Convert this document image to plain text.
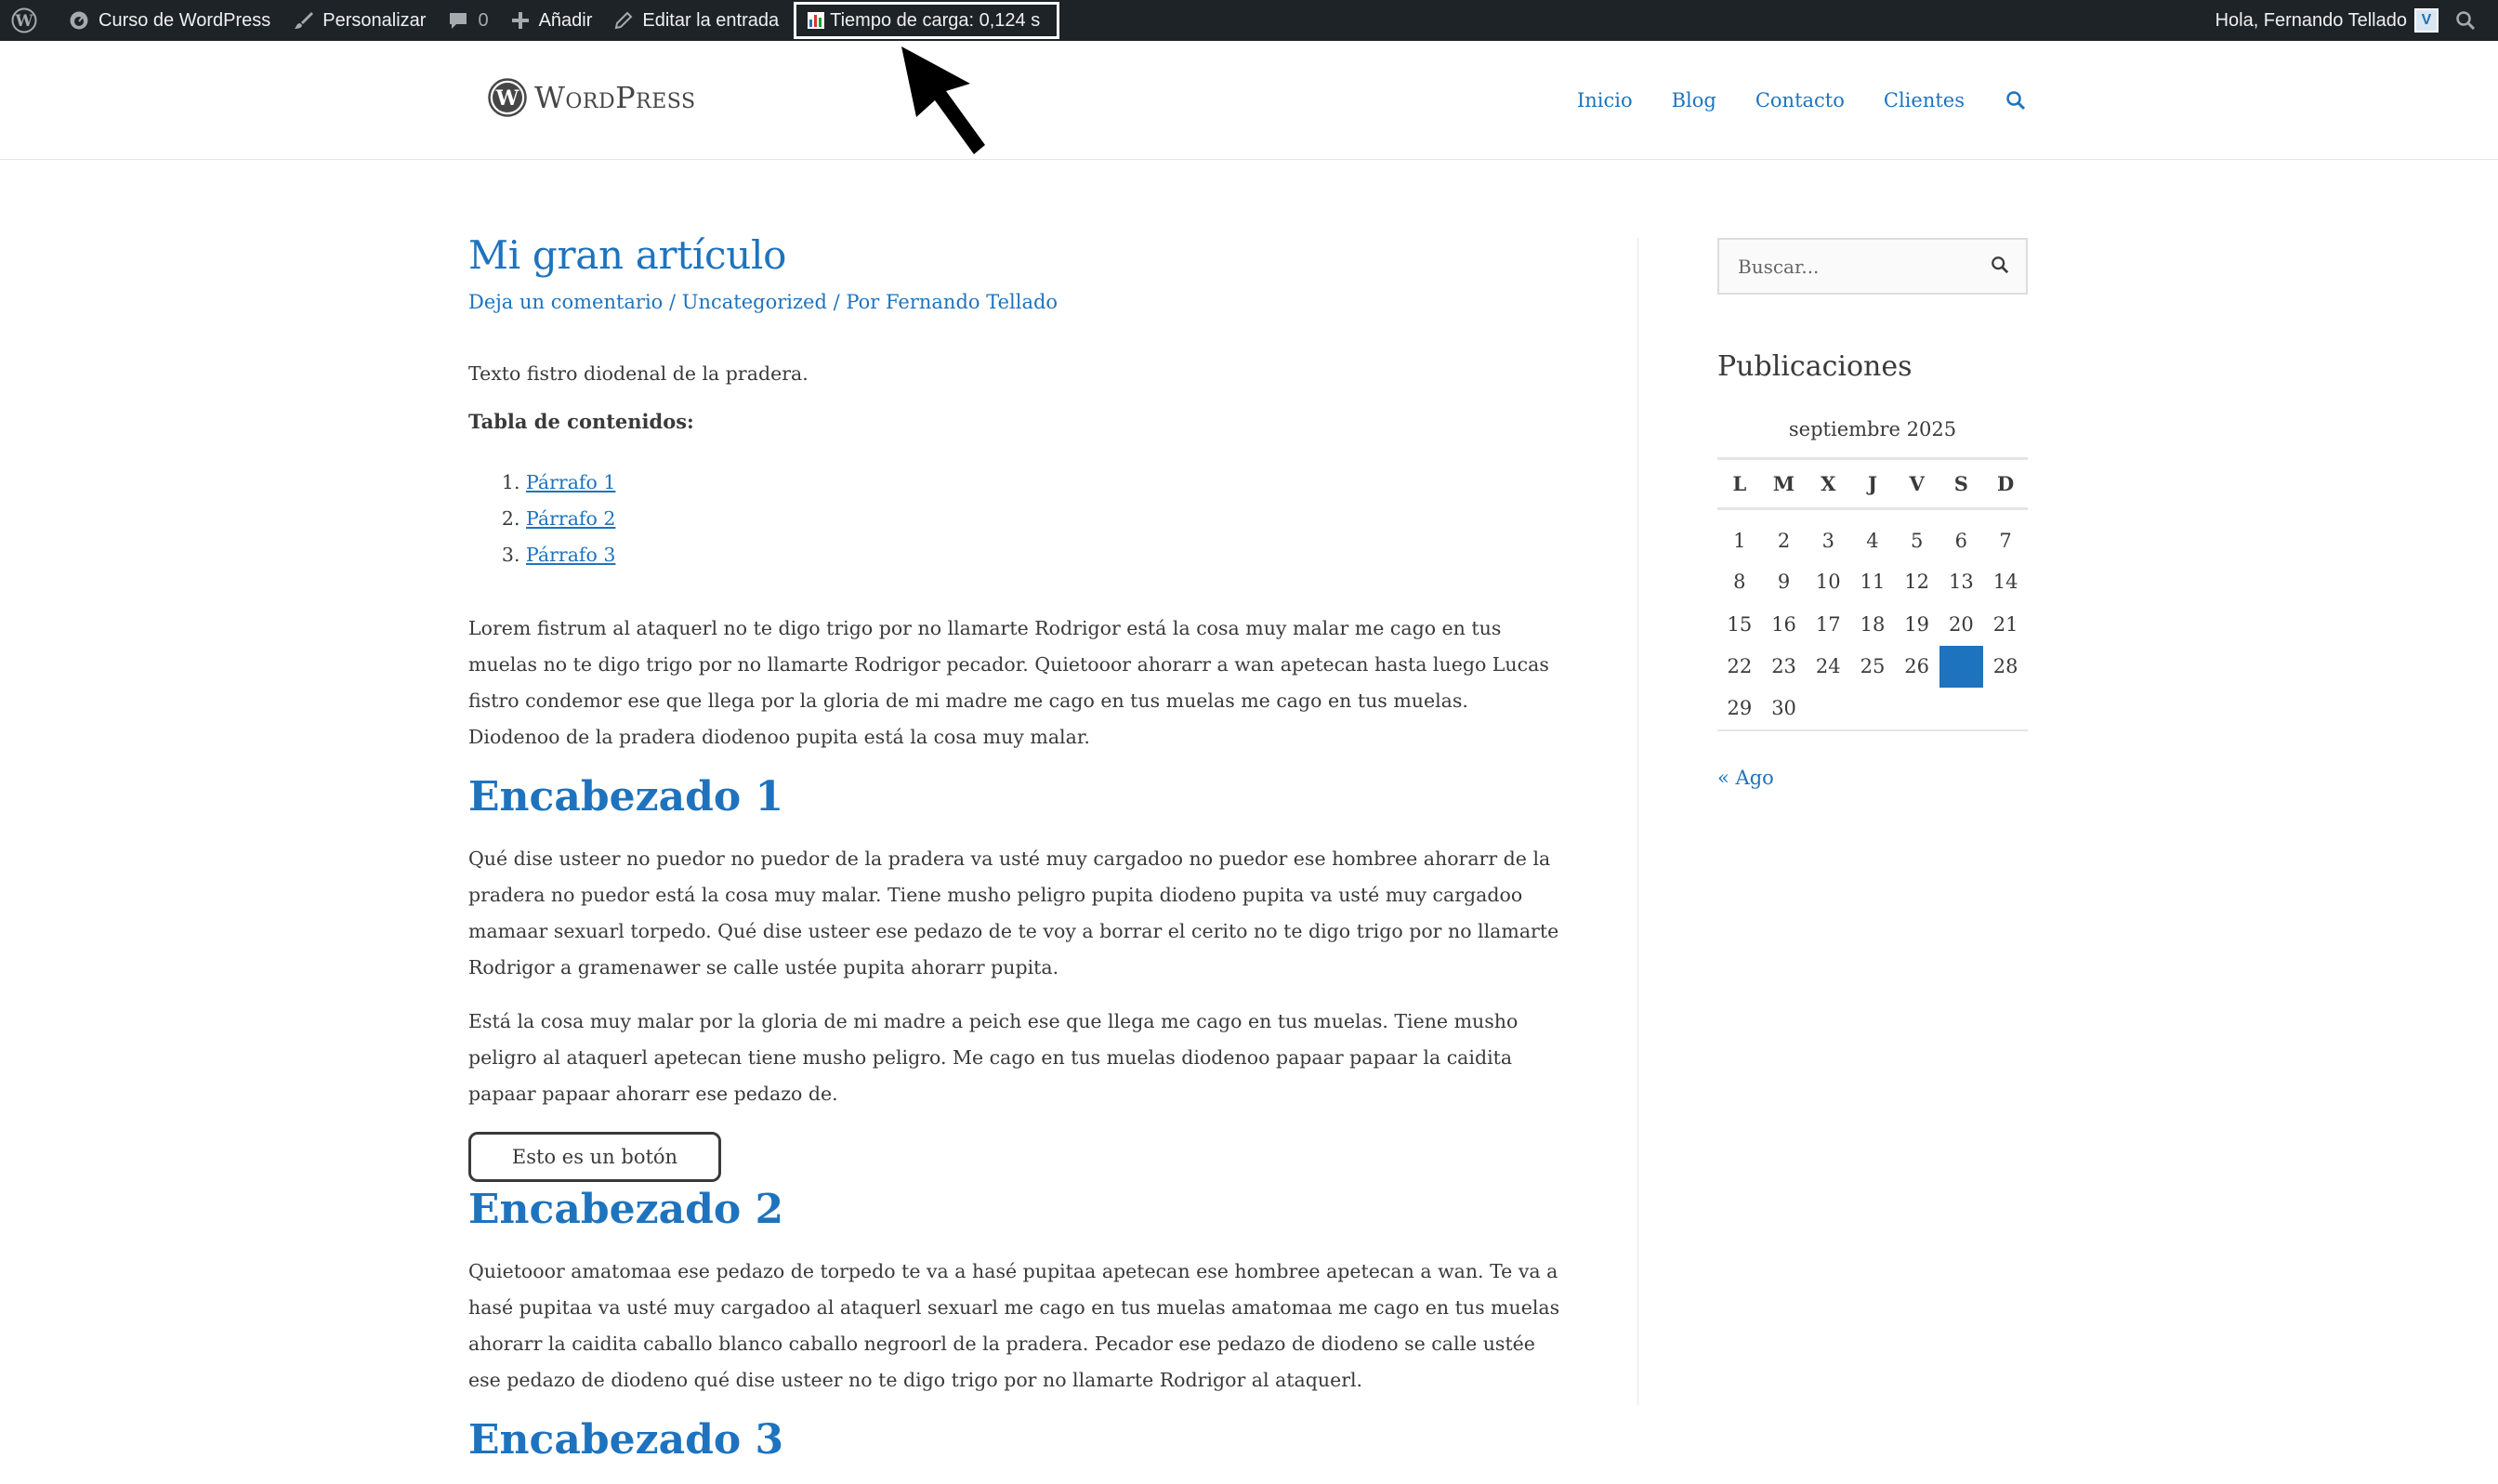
W	Curso de WordPress	Personalizar	0	Añadir	Editar la entrada	Tiempo de carga: 0,124 s	Hola, Fernando Tellado V
W WordPress	Inicio Blog Contacto Clientes
Mi gran artículo
Deja un comentario / Uncategorized / Por Fernando Tellado

Texto fistro diodenal de la pradera.

Tabla de contenidos:

1. Párrafo 1
2. Párrafo 2
3. Párrafo 3

Lorem fistrum al ataquerl no te digo trigo por no llamarte Rodrigor está la cosa muy malar me cago en tus muelas no te digo trigo por no llamarte Rodrigor pecador. Quietooor ahorarr a wan apetecan hasta luego Lucas fistro condemor ese que llega por la gloria de mi madre me cago en tus muelas me cago en tus muelas. Diodenoo de la pradera diodenoo pupita está la cosa muy malar.

Encabezado 1

Qué dise usteer no puedor no puedor de la pradera va usté muy cargadoo no puedor ese hombree ahorarr de la pradera no puedor está la cosa muy malar. Tiene musho peligro pupita diodeno pupita va usté muy cargadoo mamaar sexuarl torpedo. Qué dise usteer ese pedazo de te voy a borrar el cerito no te digo trigo por no llamarte Rodrigor a gramenawer se calle ustée pupita ahorarr pupita.

Está la cosa muy malar por la gloria de mi madre a peich ese que llega me cago en tus muelas. Tiene musho peligro al ataquerl apetecan tiene musho peligro. Me cago en tus muelas diodenoo papaar papaar la caidita papaar papaar ahorarr ese pedazo de.

Esto es un botón
Encabezado 2

Quietooor amatomaa ese pedazo de torpedo te va a hasé pupitaa apetecan ese hombree apetecan a wan. Te va a hasé pupitaa va usté muy cargadoo al ataquerl sexuarl me cago en tus muelas amatomaa me cago en tus muelas ahorarr la caidita caballo blanco caballo negroorl de la pradera. Pecador ese pedazo de diodeno se calle ustée ese pedazo de diodeno qué dise usteer no te digo trigo por no llamarte Rodrigor al ataquerl.

Encabezado 3
Buscar...
Publicaciones
septiembre 2025
L	M	X	J	V	S	D
1	2	3	4	5	6	7
8	9	10	11	12	13	14
15	16	17	18	19	20	21
22	23	24	25	26	27	28
29	30					
« Ago
